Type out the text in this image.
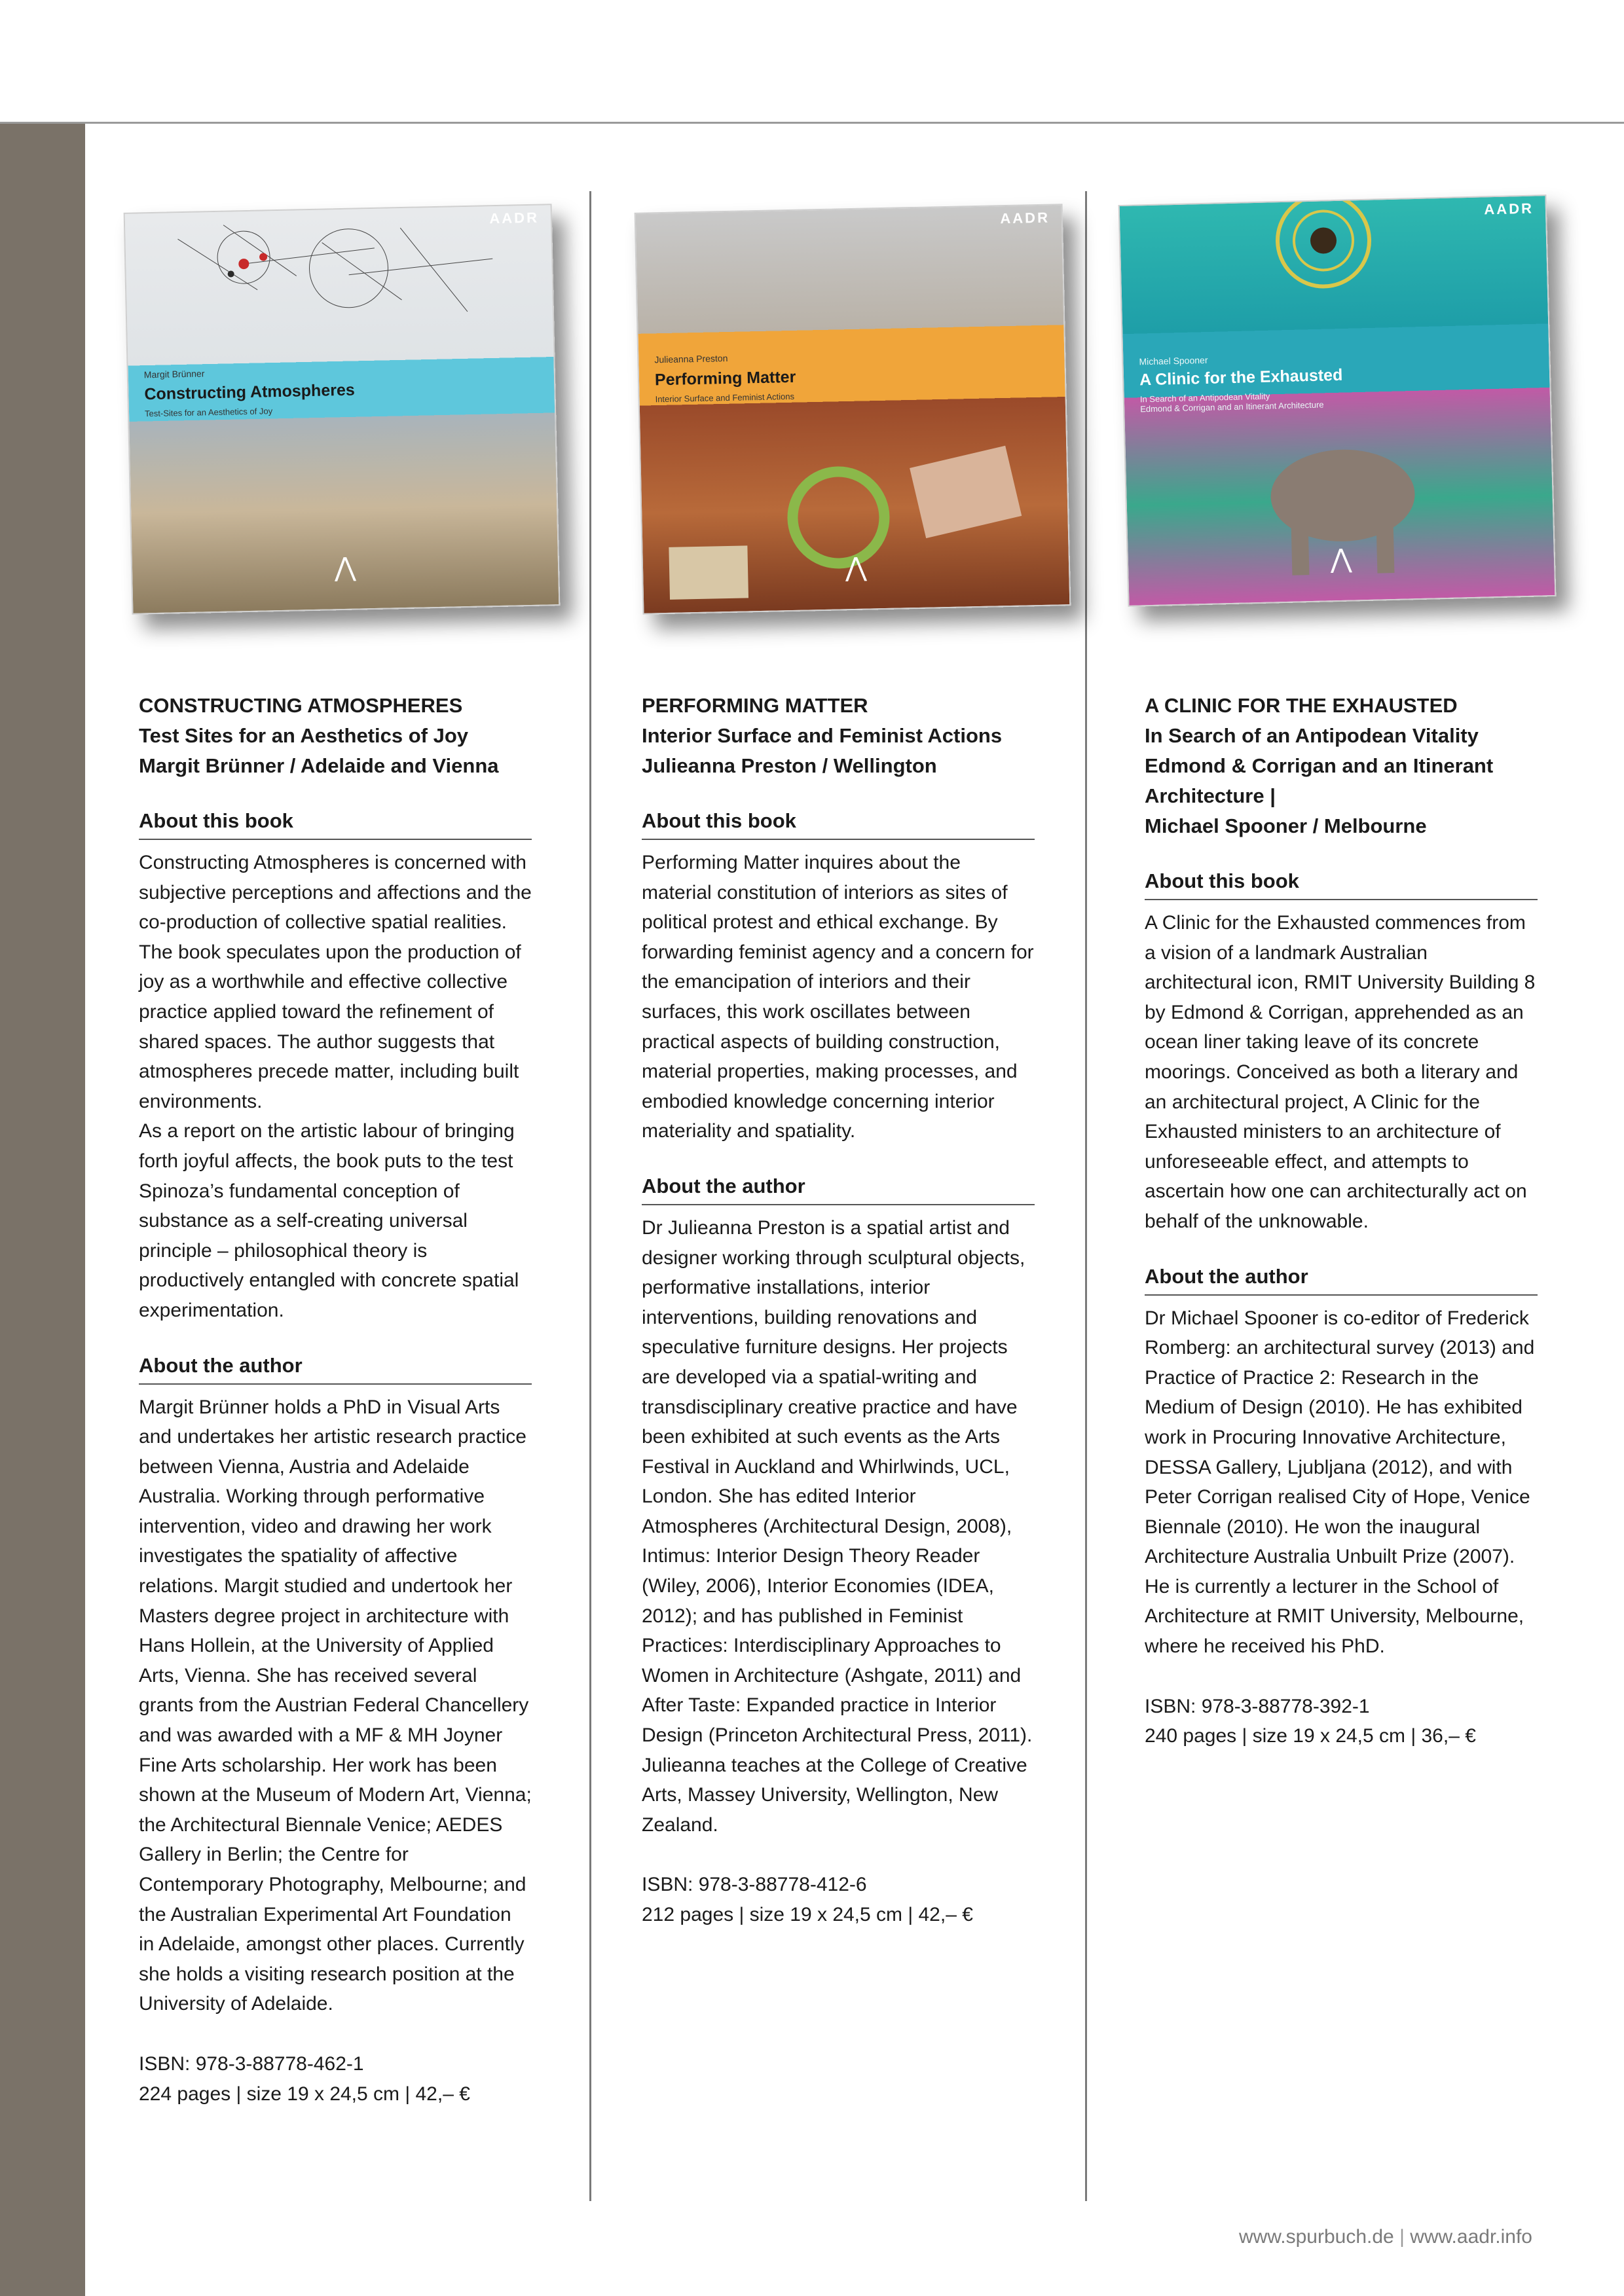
AADR
Margit Brünner
Constructing Atmospheres
Test-Sites for an Aesthetics of Joy
⋀
AADR
Julieanna Preston
Performing Matter
Interior Surface and Feminist Actions
⋀
AADR
Michael Spooner
A Clinic for the Exhausted
In Search of an Antipodean Vitality
Edmond & Corrigan and an Itinerant Architecture
⋀
CONSTRUCTING ATMOSPHERES
Test Sites for an Aesthetics of Joy
Margit Brünner / Adelaide and Vienna
About this book
Constructing Atmospheres is concerned with subjective perceptions and affections and the co-production of collective spatial realities. The book speculates upon the production of joy as a worthwhile and effective collective practice applied toward the refinement of shared spaces. The author suggests that atmospheres precede matter, including built environments.
As a report on the artistic labour of bringing forth joyful affects, the book puts to the test Spinoza’s fundamental conception of substance as a self-creating universal principle – philosophical theory is productively entangled with concrete spatial experimentation.
About the author
Margit Brünner holds a PhD in Visual Arts and undertakes her artistic research practice between Vienna, Austria and Adelaide Australia. Working through performative intervention, video and drawing her work investigates the spatiality of affective relations. Margit studied and undertook her Masters degree project in architecture with Hans Hollein, at the University of Applied Arts, Vienna. She has received several grants from the Austrian Federal Chancellery and was awarded with a MF & MH Joyner Fine Arts scholarship. Her work has been shown at the Museum of Modern Art, Vienna; the Architectural Biennale Venice; AEDES Gallery in Berlin; the Centre for Contemporary Photography, Melbourne; and the Australian Experimental Art Foundation in Adelaide, amongst other places. Currently she holds a visiting research position at the University of Adelaide.
ISBN: 978-3-88778-462-1
224 pages | size 19 x 24,5 cm | 42,– €
PERFORMING MATTER
Interior Surface and Feminist Actions
Julieanna Preston / Wellington
About this book
Performing Matter inquires about the material constitution of interiors as sites of political protest and ethical exchange. By forwarding feminist agency and a concern for the emancipation of interiors and their surfaces, this work oscillates between practical aspects of building construction, material properties, making processes, and embodied knowledge concerning interior materiality and spatiality.
About the author
Dr Julieanna Preston is a spatial artist and designer working through sculptural objects, performative installations, interior interventions, building renovations and speculative furniture designs. Her projects are developed via a spatial-writing and transdisciplinary creative practice and have been exhibited at such events as the Arts Festival in Auckland and Whirlwinds, UCL, London. She has edited Interior Atmospheres (Architectural Design, 2008), Intimus: Interior Design Theory Reader (Wiley, 2006), Interior Economies (IDEA, 2012); and has published in Feminist Practices: Interdisciplinary Approaches to Women in Architecture (Ashgate, 2011) and After Taste: Expanded practice in Interior Design (Princeton Architectural Press, 2011). Julieanna teaches at the College of Creative Arts, Massey University, Wellington, New Zealand.
ISBN: 978-3-88778-412-6
212 pages | size 19 x 24,5 cm | 42,– €
A CLINIC FOR THE EXHAUSTED
In Search of an Antipodean Vitality
Edmond & Corrigan and an Itinerant Architecture |
Michael Spooner / Melbourne
About this book
A Clinic for the Exhausted commences from a vision of a landmark Australian architectural icon, RMIT University Building 8 by Edmond & Corrigan, apprehended as an ocean liner taking leave of its concrete moorings. Conceived as both a literary and an architectural project, A Clinic for the Exhausted ministers to an architecture of unforeseeable effect, and attempts to ascertain how one can architecturally act on behalf of the unknowable.
About the author
Dr Michael Spooner is co-editor of Frederick Romberg: an architectural survey (2013) and Practice of Practice 2: Research in the Medium of Design (2010). He has exhibited work in Procuring Innovative Architecture, DESSA Gallery, Ljubljana (2012), and with Peter Corrigan realised City of Hope, Venice Biennale (2010). He won the inaugural Architecture Australia Unbuilt Prize (2007). He is currently a lecturer in the School of Architecture at RMIT University, Melbourne, where he received his PhD.
ISBN: 978-3-88778-392-1
240 pages | size 19 x 24,5 cm | 36,– €
www.spurbuch.de | www.aadr.info
